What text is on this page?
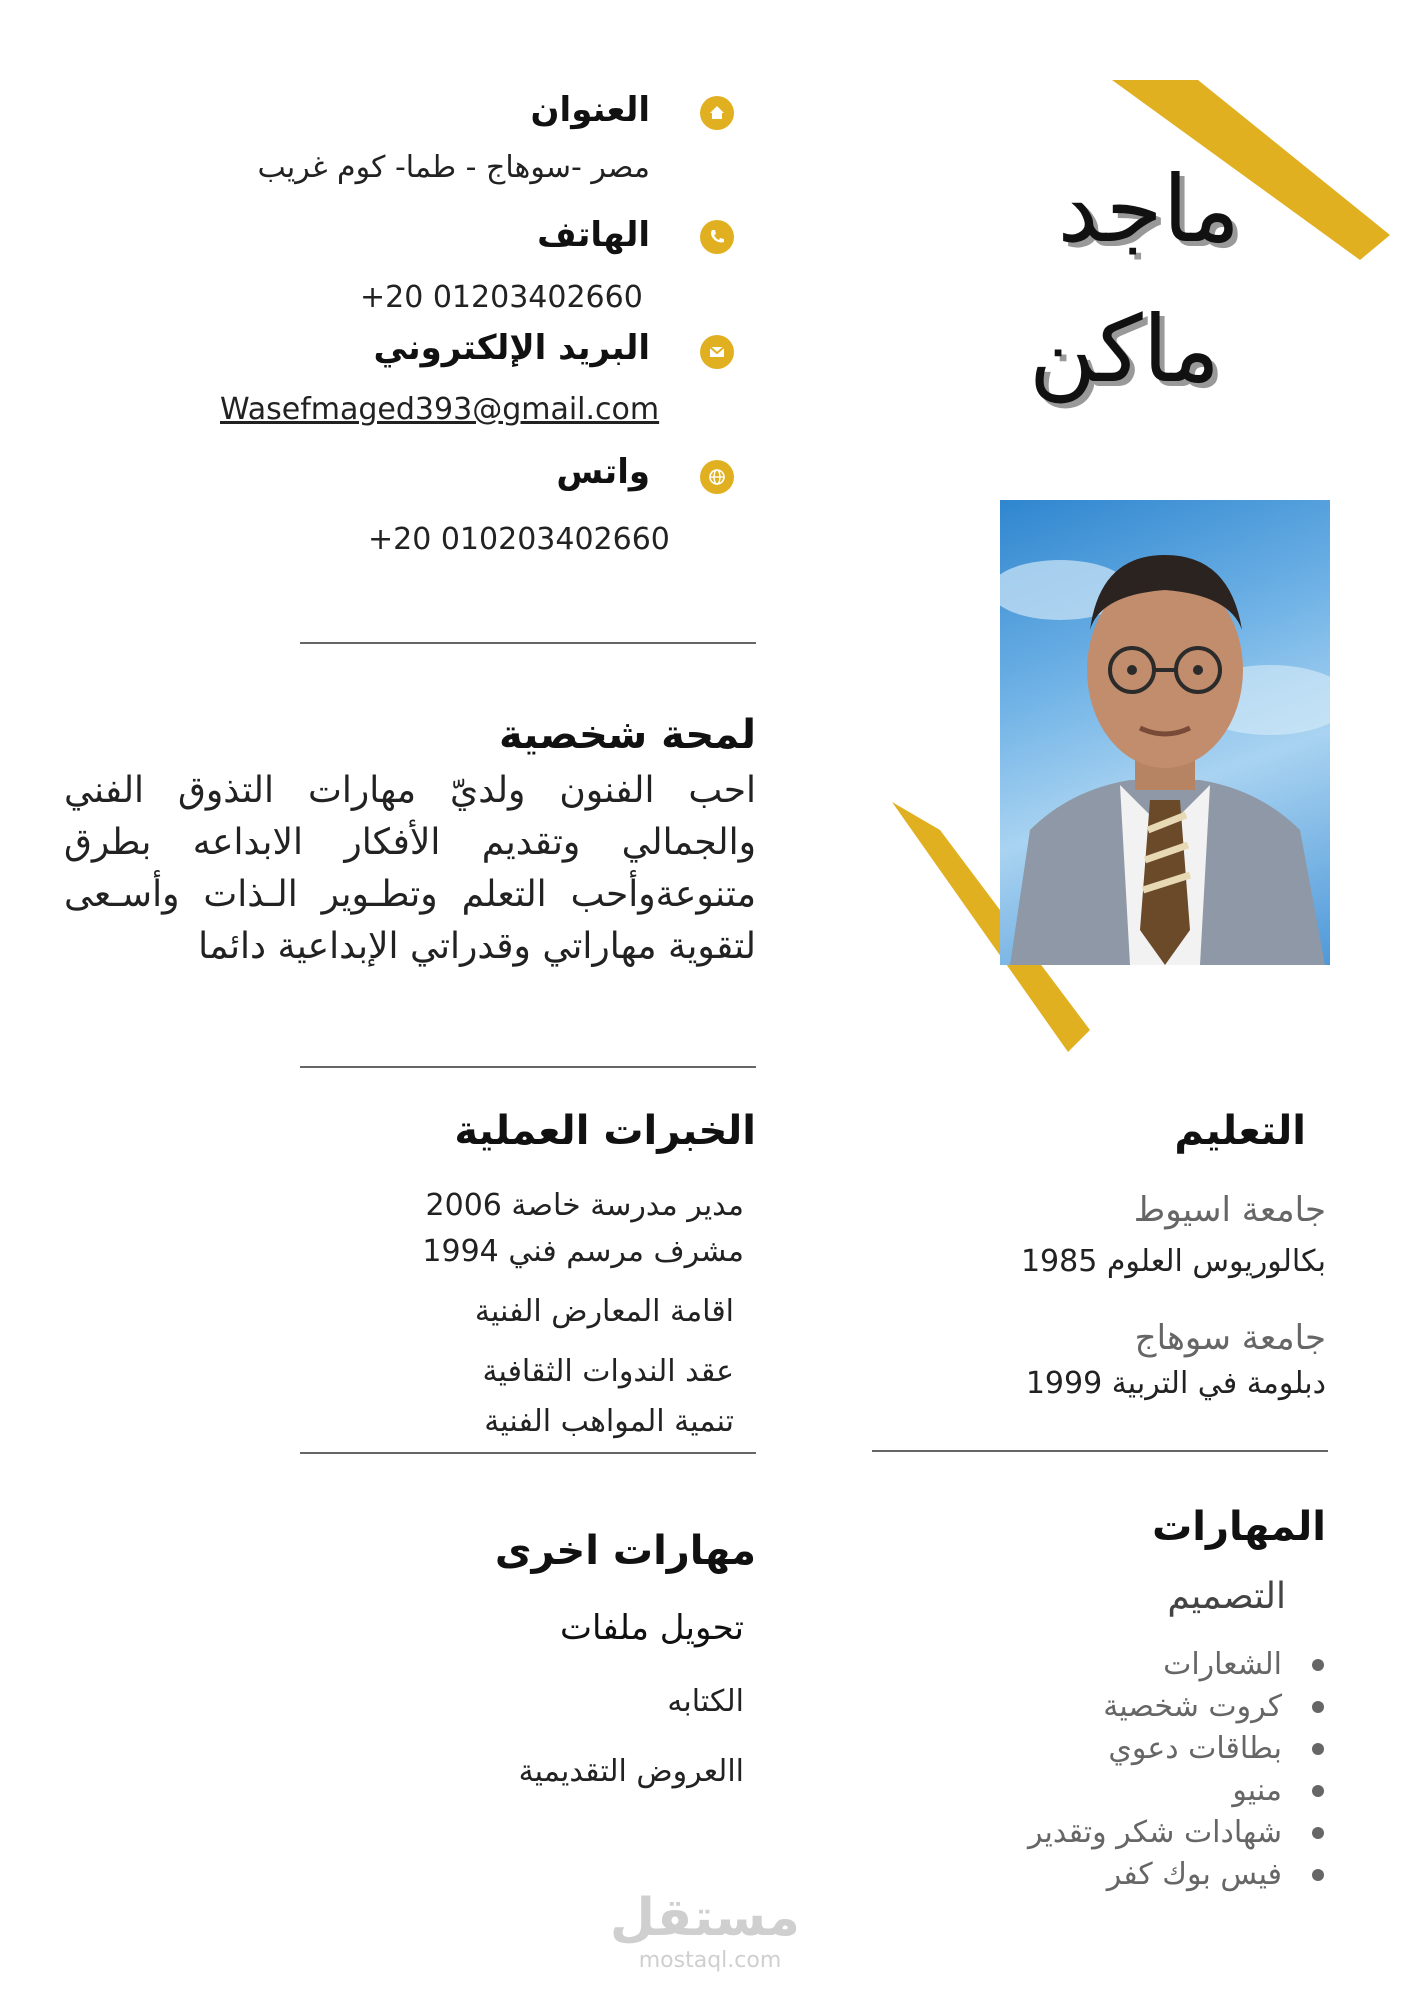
ماجد
ماكن
العنوان
مصر -سوهاج - طما- كوم غريب
الهاتف
+20 01203402660
البريد الإلكتروني
Wasefmaged393@gmail.com
واتس
+20 010203402660
لمحة شخصية
احب الفنون ولديّ مهارات التذوق الفني والجمالي وتقديم الأفكار الابداعه بطرق متنوعةوأحب التعلم وتطـوير الـذات وأسـعى لتقوية مهاراتي وقدراتي الإبداعية دائما
الخبرات العملية
مدير مدرسة خاصة 2006
مشرف مرسم فني 1994
اقامة المعارض الفنية
عقد الندوات الثقافية
تنمية المواهب الفنية
مهارات اخرى
تحويل ملفات
الكتابه
االعروض التقديمية
التعليم
جامعة اسيوط
بكالوريوس العلوم 1985
جامعة سوهاج
دبلومة في التربية 1999
المهارات
التصميم
الشعارات
كروت شخصية
بطاقات دعوي
منيو
شهادات شكر وتقدير
فيس بوك كفر
مستقل
mostaql.com
